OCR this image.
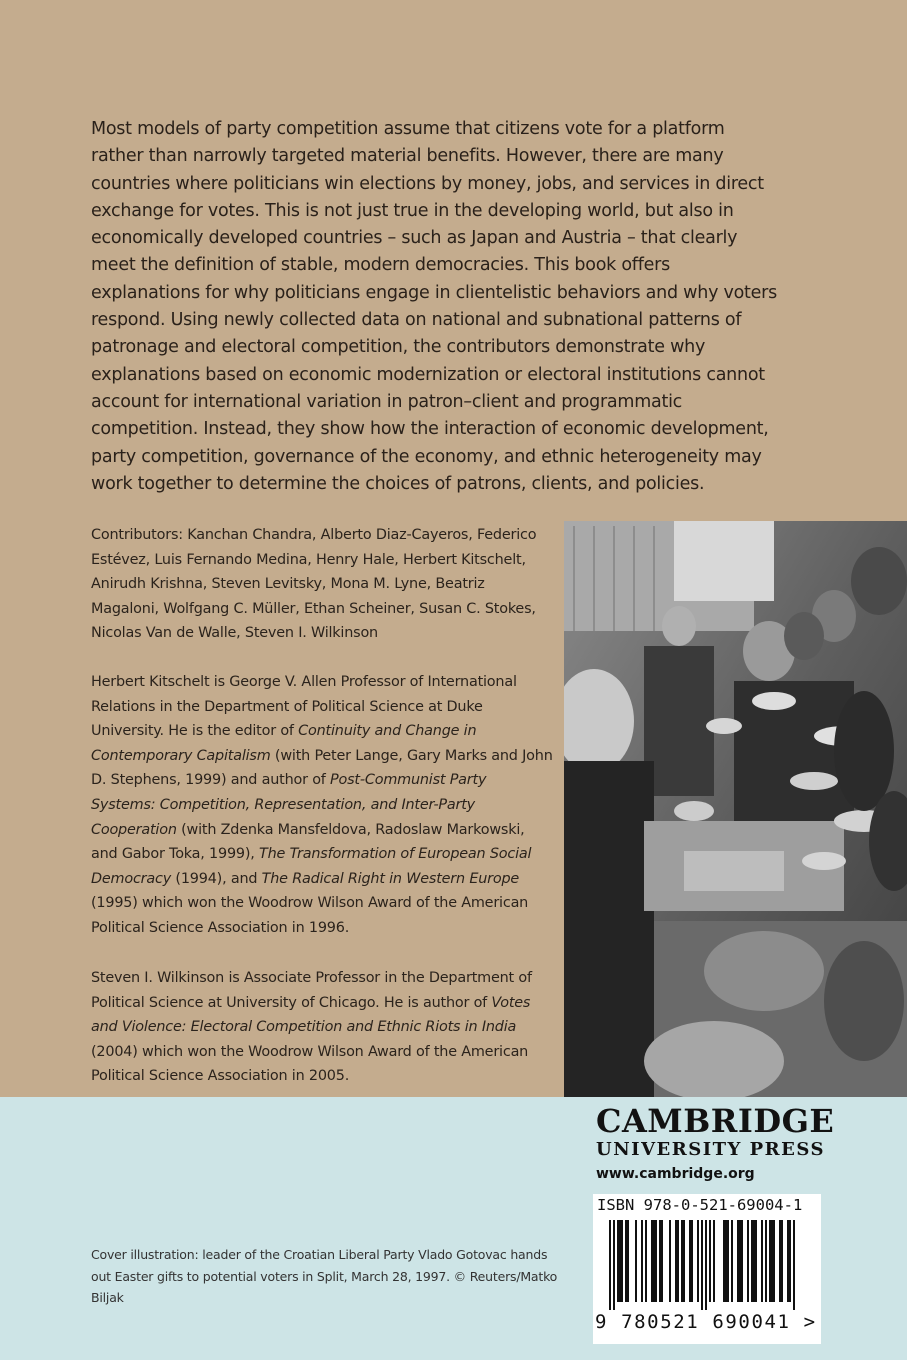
Most models of party competition assume that citizens vote for a platform rather than narrowly targeted material benefits. However, there are many countries where politicians win elections by money, jobs, and services in direct exchange for votes. This is not just true in the developing world, but also in economically developed countries – such as Japan and Austria – that clearly meet the definition of stable, modern democracies. This book offers explanations for why politicians engage in clientelistic behaviors and why voters respond. Using newly collected data on national and subnational patterns of patronage and electoral competition, the contributors demonstrate why explanations based on economic modernization or electoral institutions cannot account for international variation in patron–client and programmatic competition. Instead, they show how the interaction of economic development, party competition, governance of the economy, and ethnic heterogeneity may work together to determine the choices of patrons, clients, and policies.

Contributors: Kanchan Chandra, Alberto Diaz-Cayeros, Federico Estévez, Luis Fernando Medina, Henry Hale, Herbert Kitschelt, Anirudh Krishna, Steven Levitsky, Mona M. Lyne, Beatriz Magaloni, Wolfgang C. Müller, Ethan Scheiner, Susan C. Stokes, Nicolas Van de Walle, Steven I. Wilkinson

Herbert Kitschelt is George V. Allen Professor of International Relations in the Department of Political Science at Duke University. He is the editor of Continuity and Change in Contemporary Capitalism (with Peter Lange, Gary Marks and John D. Stephens, 1999) and author of Post-Communist Party Systems: Competition, Representation, and Inter-Party Cooperation (with Zdenka Mansfeldova, Radoslaw Markowski, and Gabor Toka, 1999), The Transformation of European Social Democracy (1994), and The Radical Right in Western Europe (1995) which won the Woodrow Wilson Award of the American Political Science Association in 1996.

Steven I. Wilkinson is Associate Professor in the Department of Political Science at University of Chicago. He is author of Votes and Violence: Electoral Competition and Ethnic Riots in India (2004) which won the Woodrow Wilson Award of the American Political Science Association in 2005.

CAMBRIDGE
UNIVERSITY PRESS
www.cambridge.org
ISBN 978-0-521-69004-1
9 780521 690041 >

Cover illustration: leader of the Croatian Liberal Party Vlado Gotovac hands out Easter gifts to potential voters in Split, March 28, 1997. © Reuters/Matko Biljak
